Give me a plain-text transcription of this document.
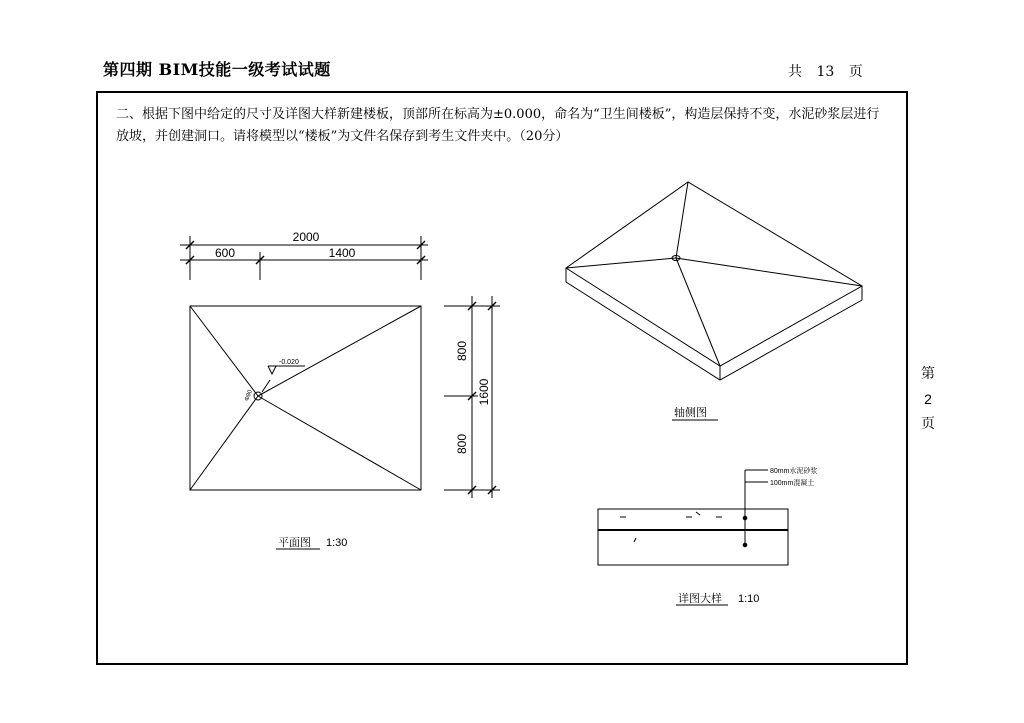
第四期 BIM技能一级考试试题	共 13 页
二、根据下图中给定的尺寸及详图大样新建楼板，顶部所在标高为±0.000，命名为“卫生间楼板”，构造层保持不变，水泥砂浆层进行放坡，并创建洞口。请将模型以“楼板”为文件名保存到考生文件夹中。（20分）
第
2
页
2000
600	1400
800
800
1600
-0.020
Φ80
平面图 1:30
轴侧图
详图大样 1:10
80mm水泥砂浆
100mm混凝土
